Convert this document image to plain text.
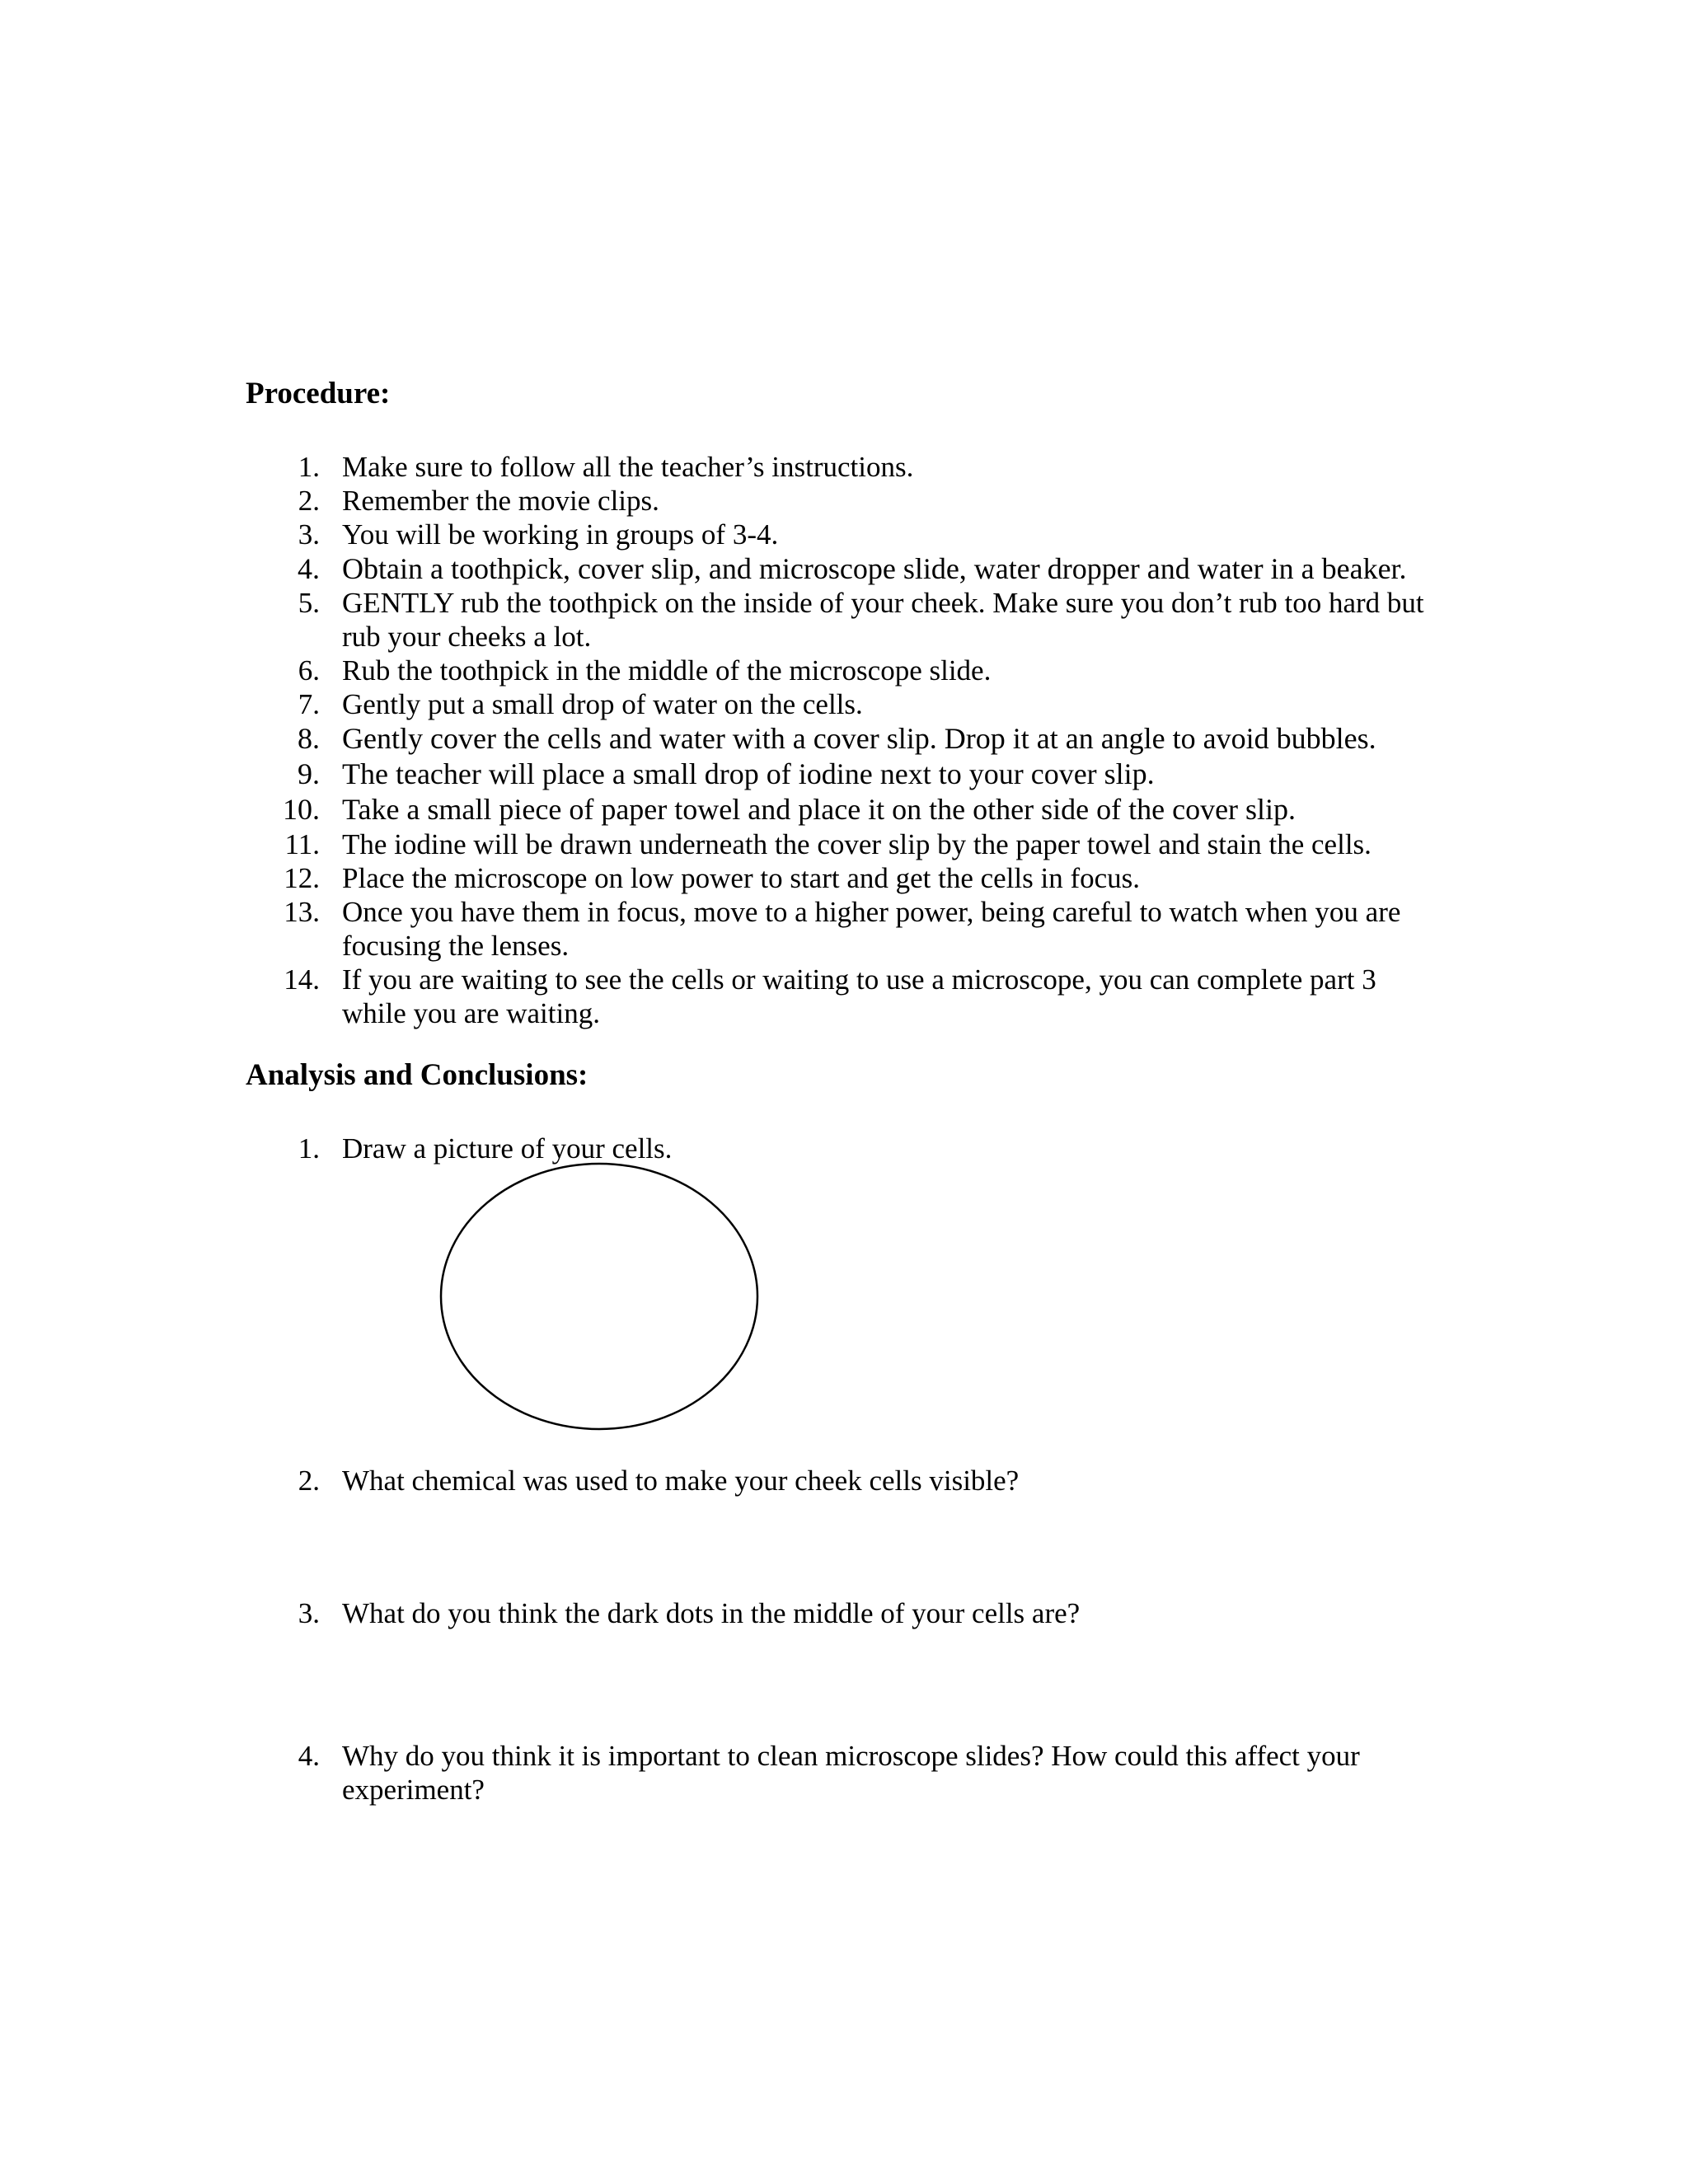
Procedure:
1. Make sure to follow all the teacher’s instructions.
2. Remember the movie clips.
3. You will be working in groups of 3-4.
4. Obtain a toothpick, cover slip, and microscope slide, water dropper and water in a beaker.
5. GENTLY rub the toothpick on the inside of your cheek. Make sure you don’t rub too hard but rub your cheeks a lot.
6. Rub the toothpick in the middle of the microscope slide.
7. Gently put a small drop of water on the cells.
8. Gently cover the cells and water with a cover slip. Drop it at an angle to avoid bubbles.
9. The teacher will place a small drop of iodine next to your cover slip.
10. Take a small piece of paper towel and place it on the other side of the cover slip.
11. The iodine will be drawn underneath the cover slip by the paper towel and stain the cells.
12. Place the microscope on low power to start and get the cells in focus.
13. Once you have them in focus, move to a higher power, being careful to watch when you are focusing the lenses.
14. If you are waiting to see the cells or waiting to use a microscope, you can complete part 3 while you are waiting.
Analysis and Conclusions:
1. Draw a picture of your cells.
2. What chemical was used to make your cheek cells visible?
3. What do you think the dark dots in the middle of your cells are?
4. Why do you think it is important to clean microscope slides? How could this affect your experiment?
